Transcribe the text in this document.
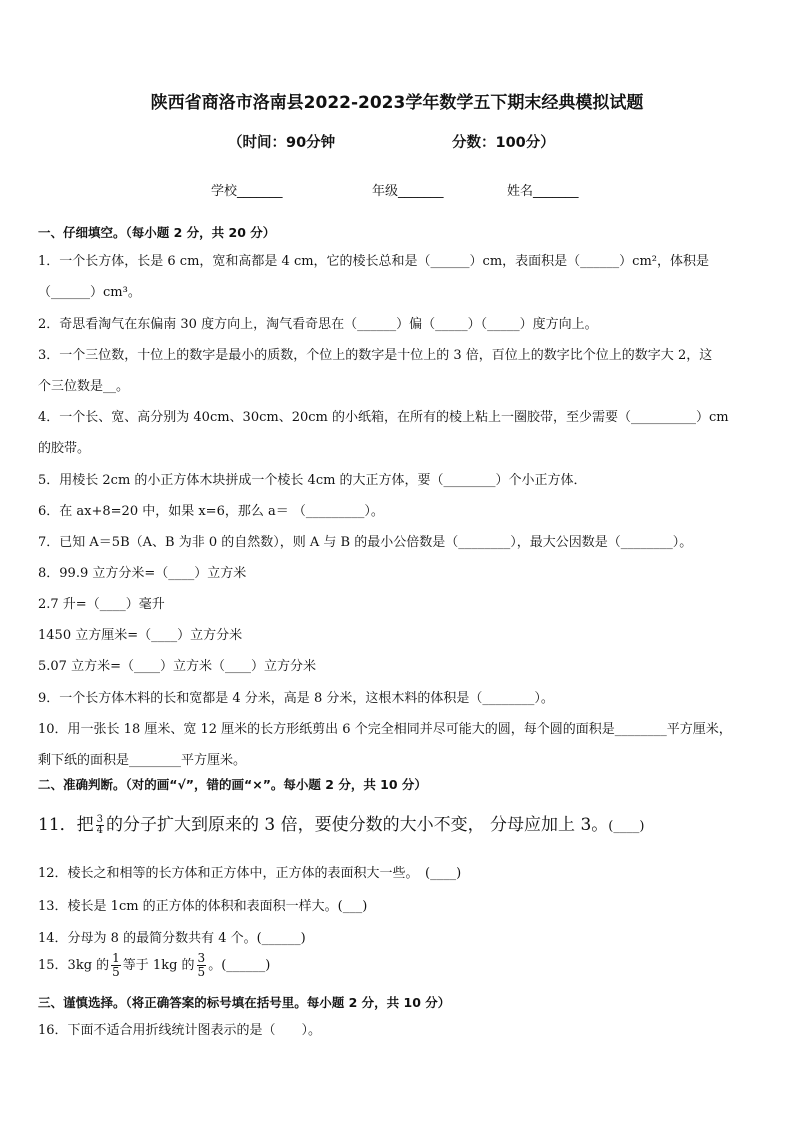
陕西省商洛市洛南县2022-2023学年数学五下期末经典模拟试题
（时间：90分钟	分数：100分）
学校_______	年级_______	姓名_______
一、仔细填空。（每小题 2 分，共 20 分）
1．一个长方体，长是 6 cm，宽和高都是 4 cm，它的棱长总和是（______）cm，表面积是（______）cm²，体积是
（______）cm³。
2．奇思看淘气在东偏南 30 度方向上，淘气看奇思在（______）偏（_____）（_____）度方向上。
3．一个三位数，十位上的数字是最小的质数，个位上的数字是十位上的 3 倍，百位上的数字比个位上的数字大 2，这
个三位数是__。
4．一个长、宽、高分别为 40cm、30cm、20cm 的小纸箱，在所有的棱上粘上一圈胶带，至少需要（__________）cm
的胶带。
5．用棱长 2cm 的小正方体木块拼成一个棱长 4cm 的大正方体，要（________）个小正方体．
6．在 ax+8=20 中，如果 x=6，那么 a＝ （_________）。
7．已知 A＝5B（A、B 为非 0 的自然数），则 A 与 B 的最小公倍数是（________），最大公因数是（________）。
8．99.9 立方分米=（____）立方米
2.7 升=（____）毫升
1450 立方厘米=（____）立方分米
5.07 立方米=（____）立方米（____）立方分米
9．一个长方体木料的长和宽都是 4 分米，高是 8 分米，这根木料的体积是（________）。
10．用一张长 18 厘米、宽 12 厘米的长方形纸剪出 6 个完全相同并尽可能大的圆，每个圆的面积是________平方厘米，
剩下纸的面积是________平方厘米。
二、准确判断。（对的画“√”，错的画“×”。每小题 2 分，共 10 分）
11．把 $\frac{3}{4}$ 的分子扩大到原来的 3 倍，要使分数的大小不变， 分母应加上 3。(____)
12．棱长之和相等的长方体和正方体中，正方体的表面积大一些。　(____)
13．棱长是 1cm 的正方体的体积和表面积一样大。(___)
14．分母为 8 的最简分数共有 4 个。(______)
15．3kg 的 $\frac{1}{5}$ 等于 1kg 的 $\frac{3}{5}$ 。(______)
三、谨慎选择。（将正确答案的标号填在括号里。每小题 2 分，共 10 分）
16．下面不适合用折线统计图表示的是（　　）。
